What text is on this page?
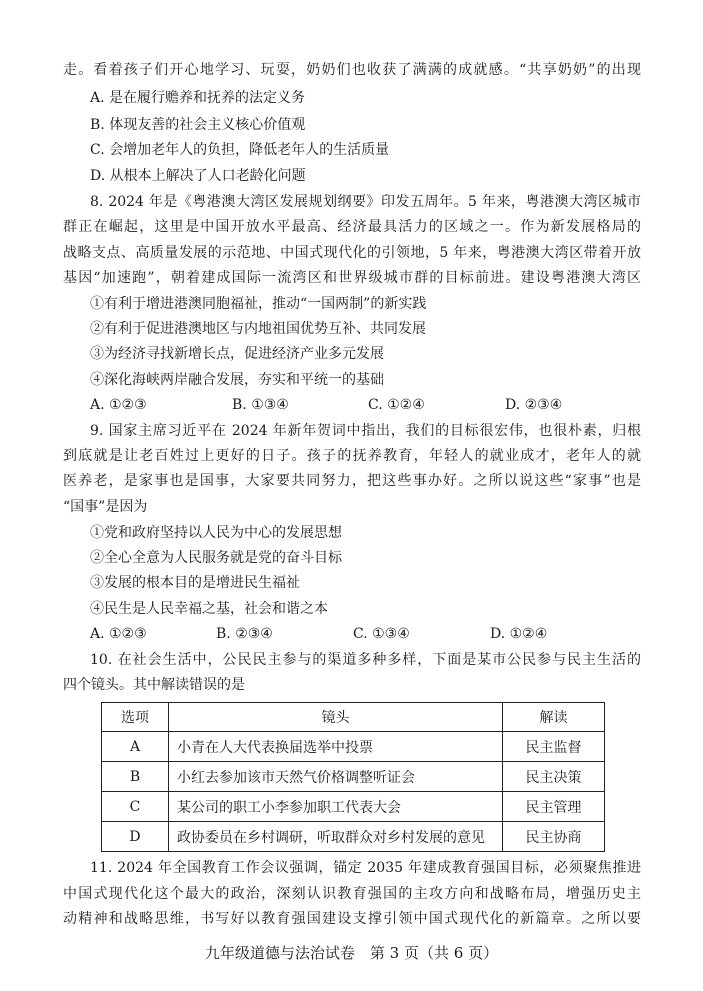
走。看着孩子们开心地学习、玩耍，奶奶们也收获了满满的成就感。“共享奶奶”的出现
A. 是在履行赡养和抚养的法定义务
B. 体现友善的社会主义核心价值观
C. 会增加老年人的负担，降低老年人的生活质量
D. 从根本上解决了人口老龄化问题
8. 2024 年是《粤港澳大湾区发展规划纲要》印发五周年。5 年来，粤港澳大湾区城市
群正在崛起，这里是中国开放水平最高、经济最具活力的区域之一。作为新发展格局的
战略支点、高质量发展的示范地、中国式现代化的引领地，5 年来，粤港澳大湾区带着开放
基因“加速跑”，朝着建成国际一流湾区和世界级城市群的目标前进。建设粤港澳大湾区
①有利于增进港澳同胞福祉，推动“一国两制”的新实践
②有利于促进港澳地区与内地祖国优势互补、共同发展
③为经济寻找新增长点，促进经济产业多元发展
④深化海峡两岸融合发展，夯实和平统一的基础
A. ①②③	B. ①③④	C. ①②④	D. ②③④
9. 国家主席习近平在 2024 年新年贺词中指出，我们的目标很宏伟，也很朴素，归根
到底就是让老百姓过上更好的日子。孩子的抚养教育，年轻人的就业成才，老年人的就
医养老，是家事也是国事，大家要共同努力，把这些事办好。之所以说这些“家事”也是
“国事”是因为
①党和政府坚持以人民为中心的发展思想
②全心全意为人民服务就是党的奋斗目标
③发展的根本目的是增进民生福祉
④民生是人民幸福之基，社会和谐之本
A. ①②③	B. ②③④	C. ①③④	D. ①②④
10. 在社会生活中，公民民主参与的渠道多种多样，下面是某市公民参与民主生活的
四个镜头。其中解读错误的是
选项	镜头	解读
A	小青在人大代表换届选举中投票	民主监督
B	小红去参加该市天然气价格调整听证会	民主决策
C	某公司的职工小李参加职工代表大会	民主管理
D	政协委员在乡村调研，听取群众对乡村发展的意见	民主协商
11. 2024 年全国教育工作会议强调，锚定 2035 年建成教育强国目标，必须聚焦推进
中国式现代化这个最大的政治，深刻认识教育强国的主攻方向和战略布局，增强历史主
动精神和战略思维，书写好以教育强国建设支撑引领中国式现代化的新篇章。之所以要
九年级道德与法治试卷　第 3 页（共 6 页）
